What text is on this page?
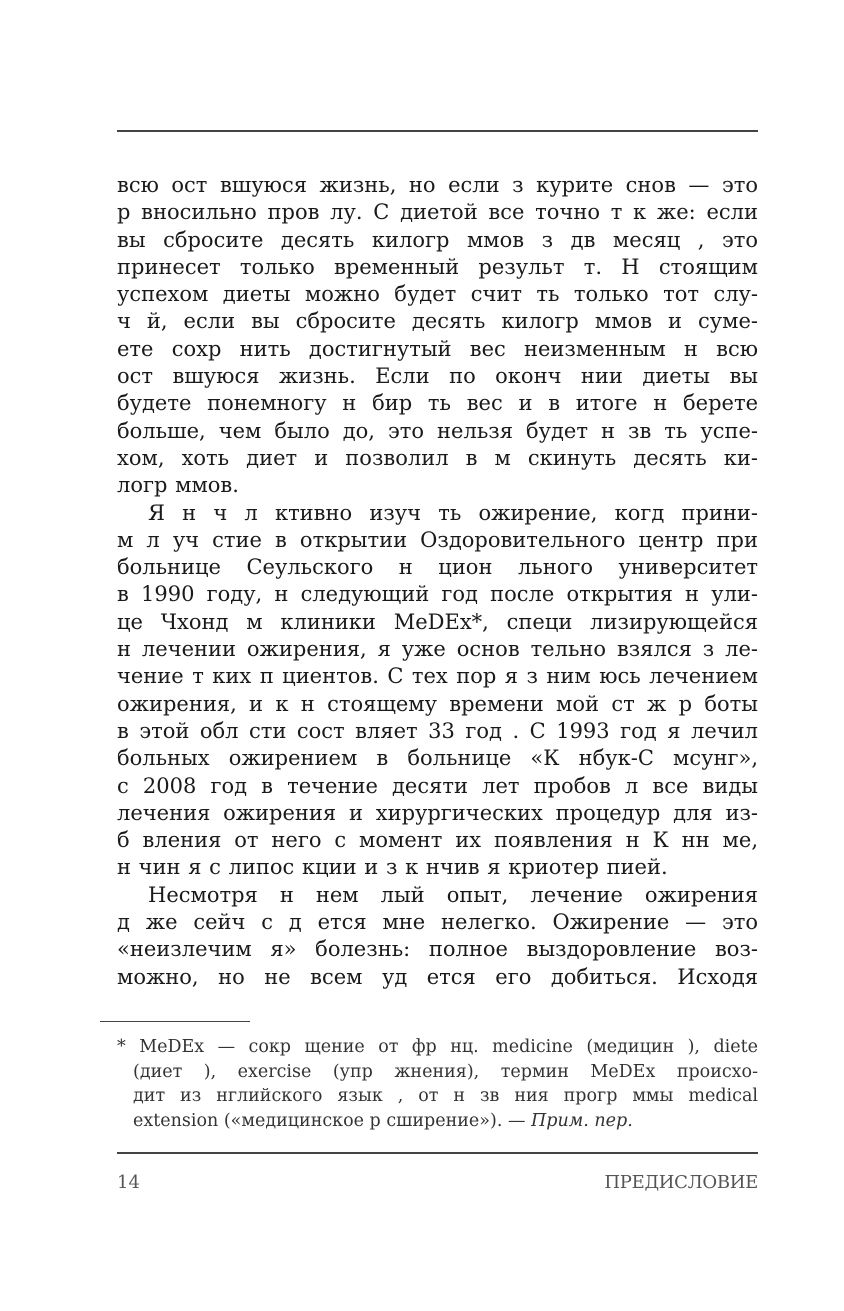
всю ост вшуюся жизнь, но если з курите снов — это
р вносильно пров лу. С диетой все точно т к же: если
вы сбросите десять килогр ммов з дв месяц , это
принесет только временный результ т. Н стоящим
успехом диеты можно будет счит ть только тот слу-
ч й, если вы сбросите десять килогр ммов и суме-
ете сохр нить достигнутый вес неизменным н всю
ост вшуюся жизнь. Если по оконч нии диеты вы
будете понемногу н бир ть вес и в итоге н берете
больше, чем было до, это нельзя будет н зв ть успе-
хом, хоть диет и позволил в м скинуть десять ки-
логр ммов.
Я н ч л ктивно изуч ть ожирение, когд прини-
м л уч стие в открытии Оздоровительного центр при
больнице Сеульского н цион льного университет
в 1990 году, н следующий год после открытия н ули-
це Чхонд м клиники MeDEx*, специ лизирующейся
н лечении ожирения, я уже основ тельно взялся з ле-
чение т ких п циентов. С тех пор я з ним юсь лечением
ожирения, и к н стоящему времени мой ст ж р боты
в этой обл сти сост вляет 33 год . С 1993 год я лечил
больных ожирением в больнице «К нбук-С мсунг»,
с 2008 год в течение десяти лет пробов л все виды
лечения ожирения и хирургических процедур для из-
б вления от него с момент их появления н К нн ме,
н чин я с липос кции и з к нчив я криотер пией.
Несмотря н нем лый опыт, лечение ожирения
д же сейч с д ется мне нелегко. Ожирение — это
«неизлечим я» болезнь: полное выздоровление воз-
можно, но не всем уд ется его добиться. Исходя
* MeDEx — сокр щение от фр нц. medicine (медицин ), diete
(диет ), exercise (упр жнения), термин MeDEx происхо-
дит из нглийского язык , от н зв ния прогр ммы medical
extension («медицинское р сширение»). — Прим. пер.
14	ПРЕДИСЛОВИЕ
